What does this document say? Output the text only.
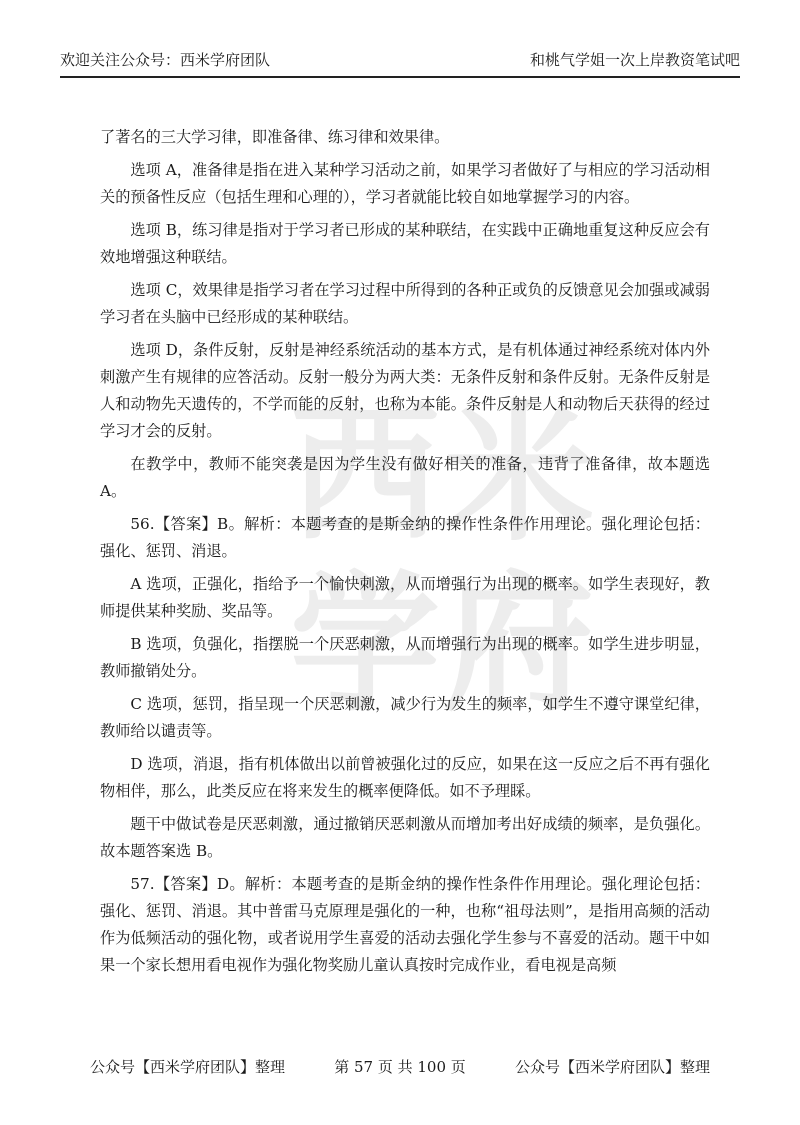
欢迎关注公众号：西米学府团队	和桃气学姐一次上岸教资笔试吧
西 米
学 府

了著名的三大学习律，即准备律、练习律和效果律。

选项 A，准备律是指在进入某种学习活动之前，如果学习者做好了与相应的学习活动相关的预备性反应（包括生理和心理的），学习者就能比较自如地掌握学习的内容。

选项 B，练习律是指对于学习者已形成的某种联结，在实践中正确地重复这种反应会有效地增强这种联结。

选项 C，效果律是指学习者在学习过程中所得到的各种正或负的反馈意见会加强或减弱学习者在头脑中已经形成的某种联结。

选项 D，条件反射，反射是神经系统活动的基本方式，是有机体通过神经系统对体内外刺激产生有规律的应答活动。反射一般分为两大类：无条件反射和条件反射。无条件反射是人和动物先天遗传的，不学而能的反射，也称为本能。条件反射是人和动物后天获得的经过学习才会的反射。

在教学中，教师不能突袭是因为学生没有做好相关的准备，违背了准备律，故本题选 A。

56.【答案】B。解析：本题考查的是斯金纳的操作性条件作用理论。强化理论包括：强化、惩罚、消退。

A 选项，正强化，指给予一个愉快刺激，从而增强行为出现的概率。如学生表现好，教师提供某种奖励、奖品等。

B 选项，负强化，指摆脱一个厌恶刺激，从而增强行为出现的概率。如学生进步明显，教师撤销处分。

C 选项，惩罚，指呈现一个厌恶刺激，减少行为发生的频率，如学生不遵守课堂纪律，教师给以谴责等。

D 选项，消退，指有机体做出以前曾被强化过的反应，如果在这一反应之后不再有强化物相伴，那么，此类反应在将来发生的概率便降低。如不予理睬。

题干中做试卷是厌恶刺激，通过撤销厌恶刺激从而增加考出好成绩的频率，是负强化。故本题答案选 B。

57.【答案】D。解析：本题考查的是斯金纳的操作性条件作用理论。强化理论包括：强化、惩罚、消退。其中普雷马克原理是强化的一种，也称“祖母法则”，是指用高频的活动作为低频活动的强化物，或者说用学生喜爱的活动去强化学生参与不喜爱的活动。题干中如果一个家长想用看电视作为强化物奖励儿童认真按时完成作业，看电视是高频

公众号【西米学府团队】整理	第 57 页 共 100 页	公众号【西米学府团队】整理
